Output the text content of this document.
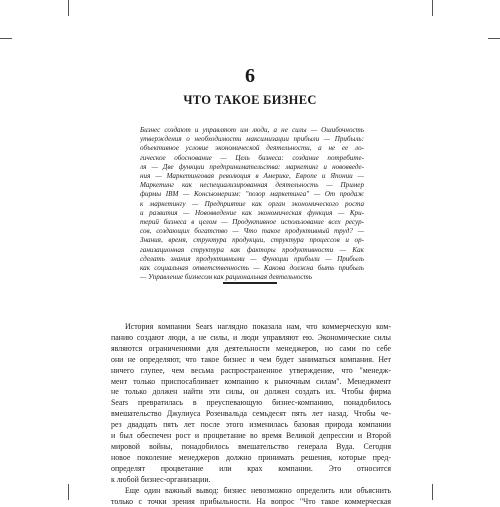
6
ЧТО ТАКОЕ БИЗНЕС
Бизнес создают и управляют им люди, а не силы — Ошибочность
утверждения о необходимости максимизации прибыли — Прибыль:
объективное условие экономической деятельности, а не ее ло-
гическое обоснование — Цель бизнеса: создание потребите-
ля — Две функции предпринимательства: маркетинг и нововведе-
ния — Маркетинговая революция в Америке, Европе и Японии —
Маркетинг как неспециализированная деятельность — Пример
фирмы IBM — Консьюмеризм: "позор маркетинга" — От продаж
к маркетингу — Предприятие как орган экономического роста
и развития — Нововведение как экономическая функция — Кри-
терий бизнеса в целом — Продуктивное использование всех ресур-
сов, создающих богатство — Что такое продуктивный труд? —
Знания, время, структура продукции, структура процессов и ор-
ганизационная структура как факторы продуктивности — Как
сделать знания продуктивными — Функции прибыли — Прибыль
как социальная ответственность — Какова должна быть прибыль
— Управление бизнесом как рациональная деятельность
История компании Sears наглядно показала нам, что коммерческую ком-
панию создают люди, а не силы, и люди управляют ею. Экономические силы
являются ограничениями для деятельности менеджеров, но сами по себе
они не определяют, что такое бизнес и чем будет заниматься компания. Нет
ничего глупее, чем весьма распространенное утверждение, что "менедж-
мент только приспосабливает компанию к рыночным силам". Менеджмент
не только должен найти эти силы, он должен создать их. Чтобы фирма
Sears превратилась в преуспевающую бизнес-компанию, понадобилось
вмешательство Джулиуса Розенвальда семьдесят пять лет назад. Чтобы че-
рез двадцать пять лет после этого изменилась базовая природа компании
и был обеспечен рост и процветание во время Великой депрессии и Второй
мировой войны, понадобилось вмешательство генерала Вуда. Сегодня
новое поколение менеджеров должно принимать решения, которые пред-
определят процветание или крах компании. Это относится
к любой бизнес-организации.
Еще один важный вывод: бизнес невозможно определить или объяснить
только с точки зрения прибыльности. На вопрос "Что такое коммерческая
